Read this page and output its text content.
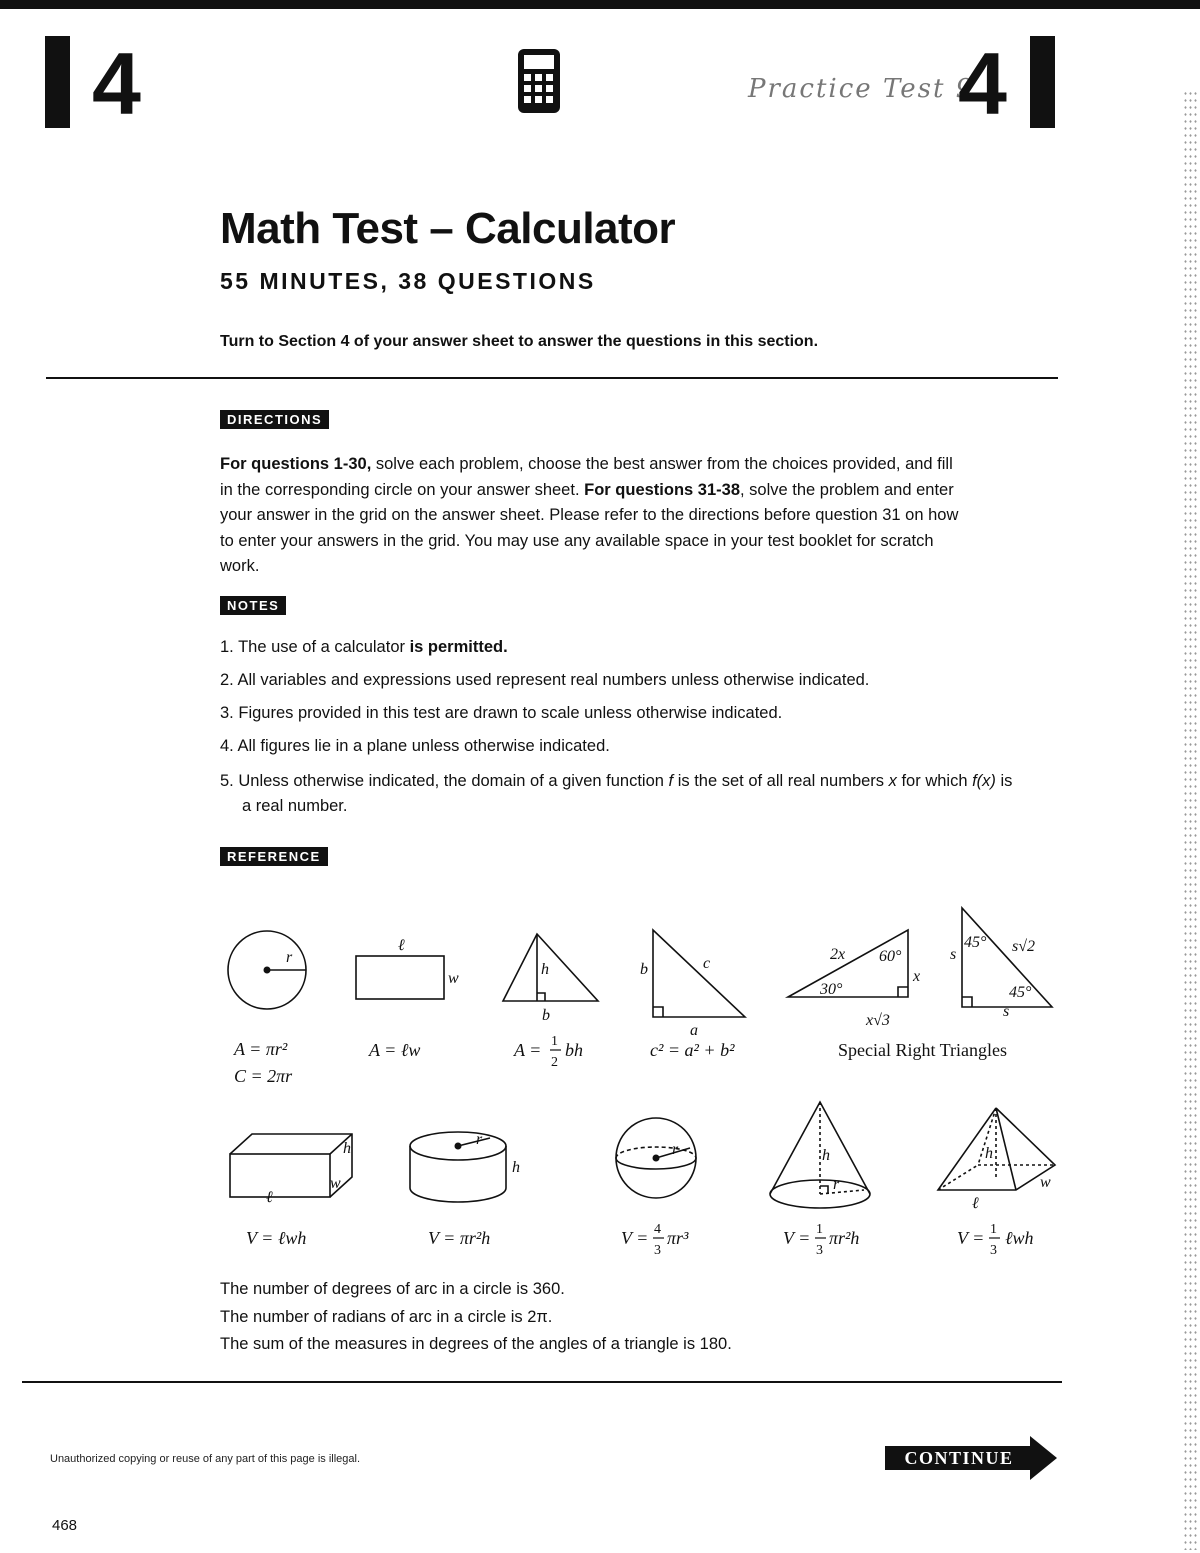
4	Practice Test 9
4
Math Test – Calculator
55 MINUTES, 38 QUESTIONS
Turn to Section 4 of your answer sheet to answer the questions in this section.
DIRECTIONS
For questions 1-30, solve each problem, choose the best answer from the choices provided, and fill in the corresponding circle on your answer sheet. For questions 31-38, solve the problem and enter your answer in the grid on the answer sheet. Please refer to the directions before question 31 on how to enter your answers in the grid. You may use any available space in your test booklet for scratch work.
NOTES
1. The use of a calculator is permitted.
2. All variables and expressions used represent real numbers unless otherwise indicated.
3. Figures provided in this test are drawn to scale unless otherwise indicated.
4. All figures lie in a plane unless otherwise indicated.
5. Unless otherwise indicated, the domain of a given function f is the set of all real numbers x for which f(x) is a real number.
REFERENCE
r
ℓ
w
h
b
b	c
a
2x 60°
x
30°
x√3
45° s√2
s
45°
s
h
w
ℓ
r
h
r	h
r
h
w
ℓ
A = πr²
C = 2πr
A = ℓw	A = 1
2
bh	c² = a² + b²	Special Right Triangles
V = ℓwh	V = πr²h	V = 4
3
πr³	V = 1
3
πr²h	V = 1
3
ℓwh
The number of degrees of arc in a circle is 360.
The number of radians of arc in a circle is 2π.
The sum of the measures in degrees of the angles of a triangle is 180.
Unauthorized copying or reuse of any part of this page is illegal.
468
CONTINUE
